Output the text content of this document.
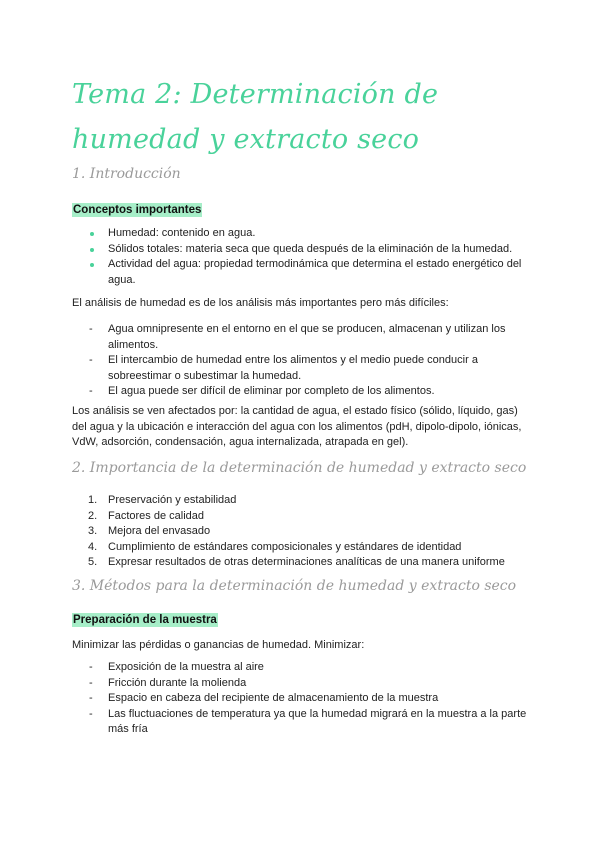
Tema 2: Determinación de humedad y extracto seco
1. Introducción
Conceptos importantes
Humedad: contenido en agua.
Sólidos totales: materia seca que queda después de la eliminación de la humedad.
Actividad del agua: propiedad termodinámica que determina el estado energético del agua.
El análisis de humedad es de los análisis más importantes pero más difíciles:
- Agua omnipresente en el entorno en el que se producen, almacenan y utilizan los alimentos.
- El intercambio de humedad entre los alimentos y el medio puede conducir a sobreestimar o subestimar la humedad.
- El agua puede ser difícil de eliminar por completo de los alimentos.
Los análisis se ven afectados por: la cantidad de agua, el estado físico (sólido, líquido, gas) del agua y la ubicación e interacción del agua con los alimentos (pdH, dipolo-dipolo, iónicas, VdW, adsorción, condensación, agua internalizada, atrapada en gel).
2. Importancia de la determinación de humedad y extracto seco
1. Preservación y estabilidad
2. Factores de calidad
3. Mejora del envasado
4. Cumplimiento de estándares composicionales y estándares de identidad
5. Expresar resultados de otras determinaciones analíticas de una manera uniforme
3. Métodos para la determinación de humedad y extracto seco
Preparación de la muestra
Minimizar las pérdidas o ganancias de humedad. Minimizar:
- Exposición de la muestra al aire
- Fricción durante la molienda
- Espacio en cabeza del recipiente de almacenamiento de la muestra
- Las fluctuaciones de temperatura ya que la humedad migrará en la muestra a la parte más fría
